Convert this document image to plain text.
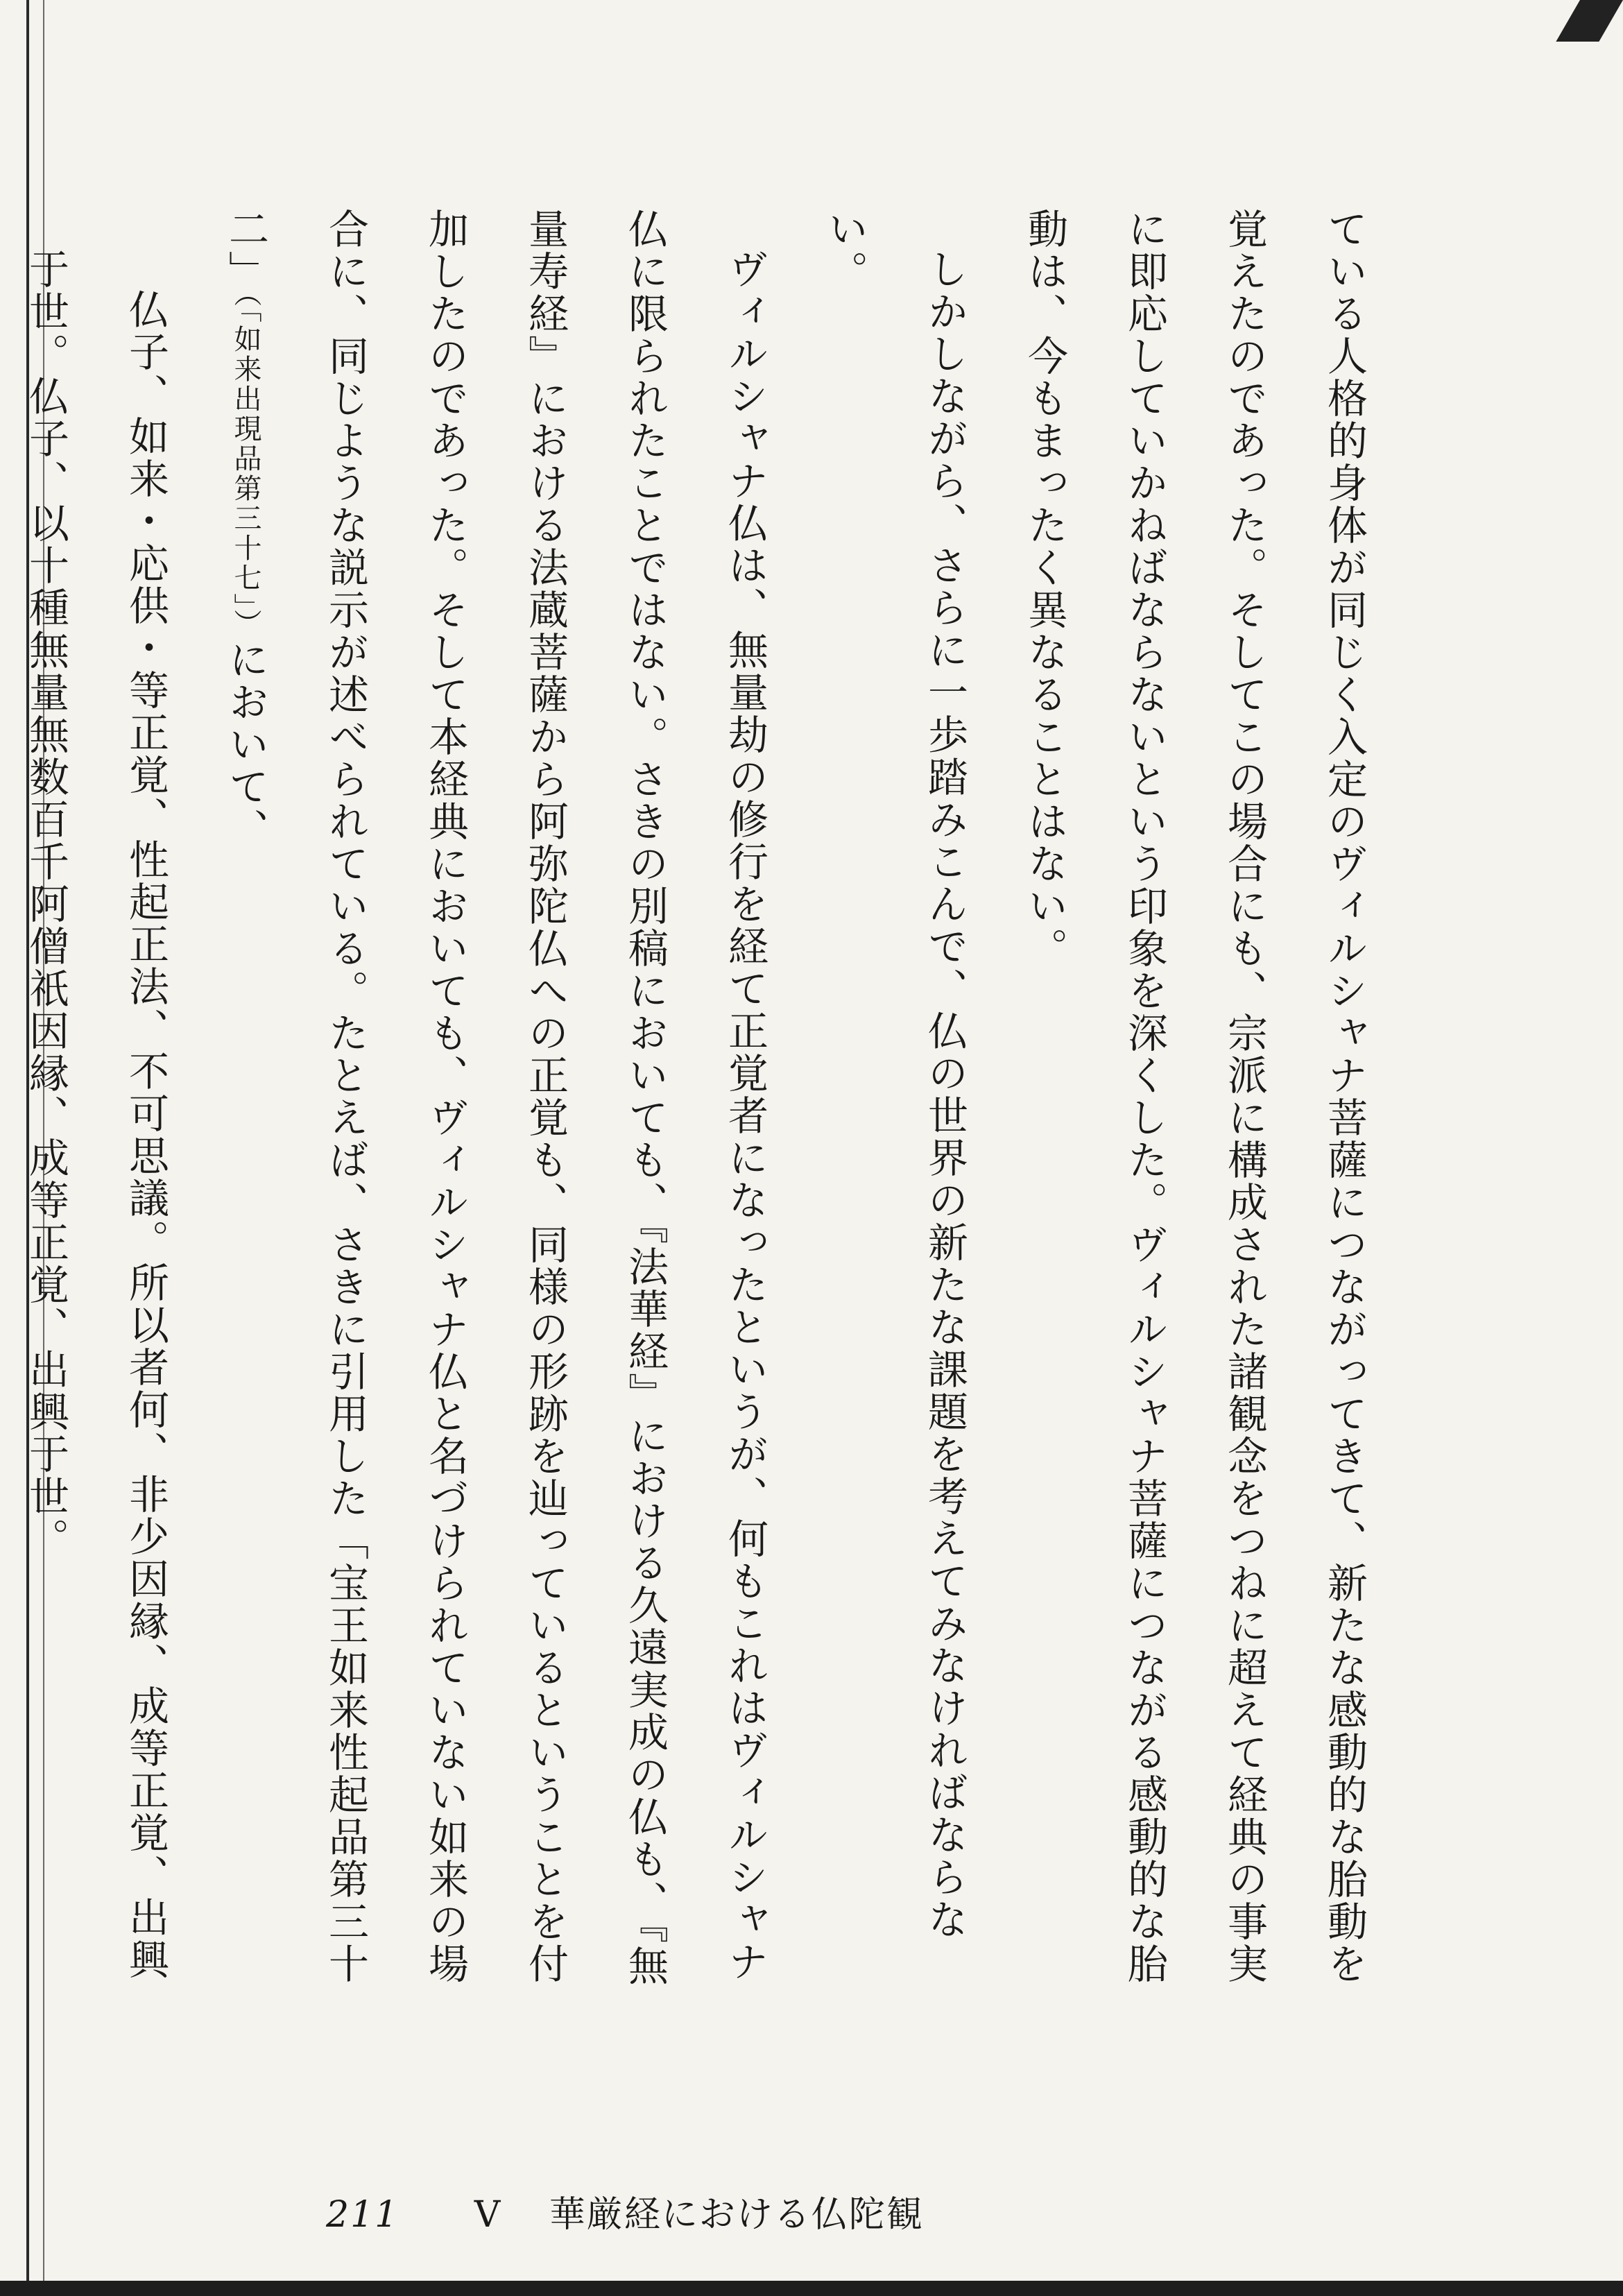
ている人格的身体が同じく入定のヴィルシャナ菩薩につながってきて、新たな感動的な胎動を覚えたのであった。そしてこの場合にも、宗派に構成された諸観念をつねに超えて経典の事実に即応していかねばならないという印象を深くした。ヴィルシャナ菩薩につながる感動的な胎動は、今もまったく異なることはない。

しかしながら、さらに一歩踏みこんで、仏の世界の新たな課題を考えてみなければならない。

ヴィルシャナ仏は、無量劫の修行を経て正覚者になったというが、何もこれはヴィルシャナ仏に限られたことではない。さきの別稿においても、『法華経』における久遠実成の仏も、『無量寿経』における法蔵菩薩から阿弥陀仏への正覚も、同様の形跡を辿っているということを付加したのであった。そして本経典においても、ヴィルシャナ仏と名づけられていない如来の場合に、同じような説示が述べられている。たとえば、さきに引用した「宝王如来性起品第三十二」（「如来出現品第三十七」）において、

仏子、如来・応供・等正覚、性起正法、不可思議。所以者何、非少因縁、成等正覚、出興于世。仏子、以十種無量無数百千阿僧祇因縁、成等正覚、出興于世。

211 V 華厳経における仏陀観
